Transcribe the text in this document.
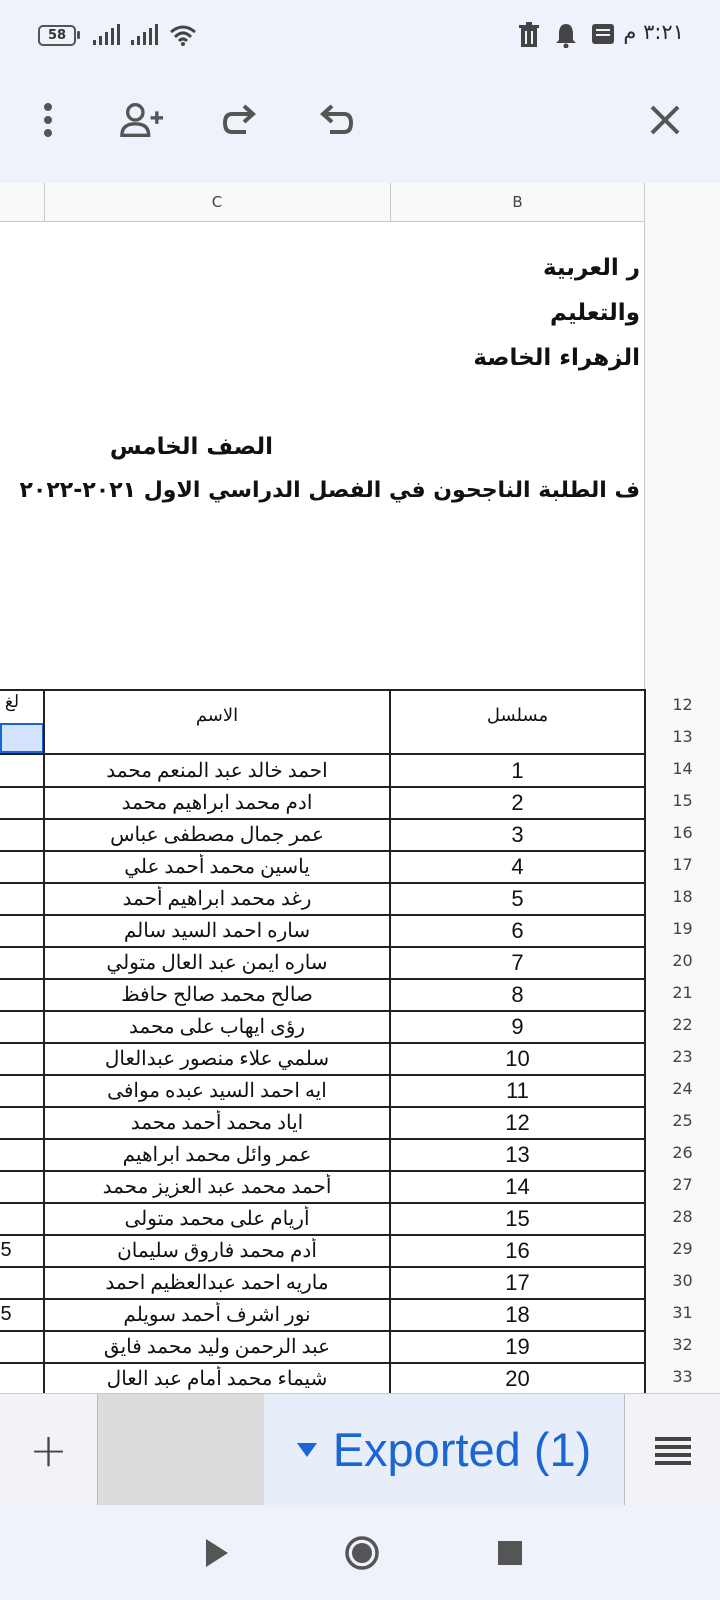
58	٣:٢١ م
C	B
12
13
14
15
16
17
18
19
20
21
22
23
24
25
26
27
28
29
30
31
32
33
ر العربية
والتعليم
الزهراء الخاصة
الصف الخامس
ف الطلبة الناجحون في الفصل الدراسي الاول ٢٠٢١-٢٠٢٢
لغ
الاسم	مسلسل
احمد خالد عبد المنعم محمد	1
ادم محمد ابراهيم محمد	2
عمر جمال مصطفى عباس	3
ياسين محمد أحمد علي	4
رغد محمد ابراهيم أحمد	5
ساره احمد السيد سالم	6
ساره ايمن عبد العال متولي	7
صالح محمد صالح حافظ	8
رؤى ايهاب على محمد	9
سلمي علاء منصور عبدالعال	10
ايه احمد السيد عبده موافى	11
اياد محمد أحمد محمد	12
عمر وائل محمد ابراهيم	13
أحمد محمد عبد العزيز محمد	14
أريام على محمد متولى	15
5	أدم محمد فاروق سليمان	16
ماريه احمد عبدالعظيم احمد	17
5	نور اشرف أحمد سويلم	18
عبد الرحمن وليد محمد فايق	19
شيماء محمد أمام عبد العال	20
+	Exported (1)
